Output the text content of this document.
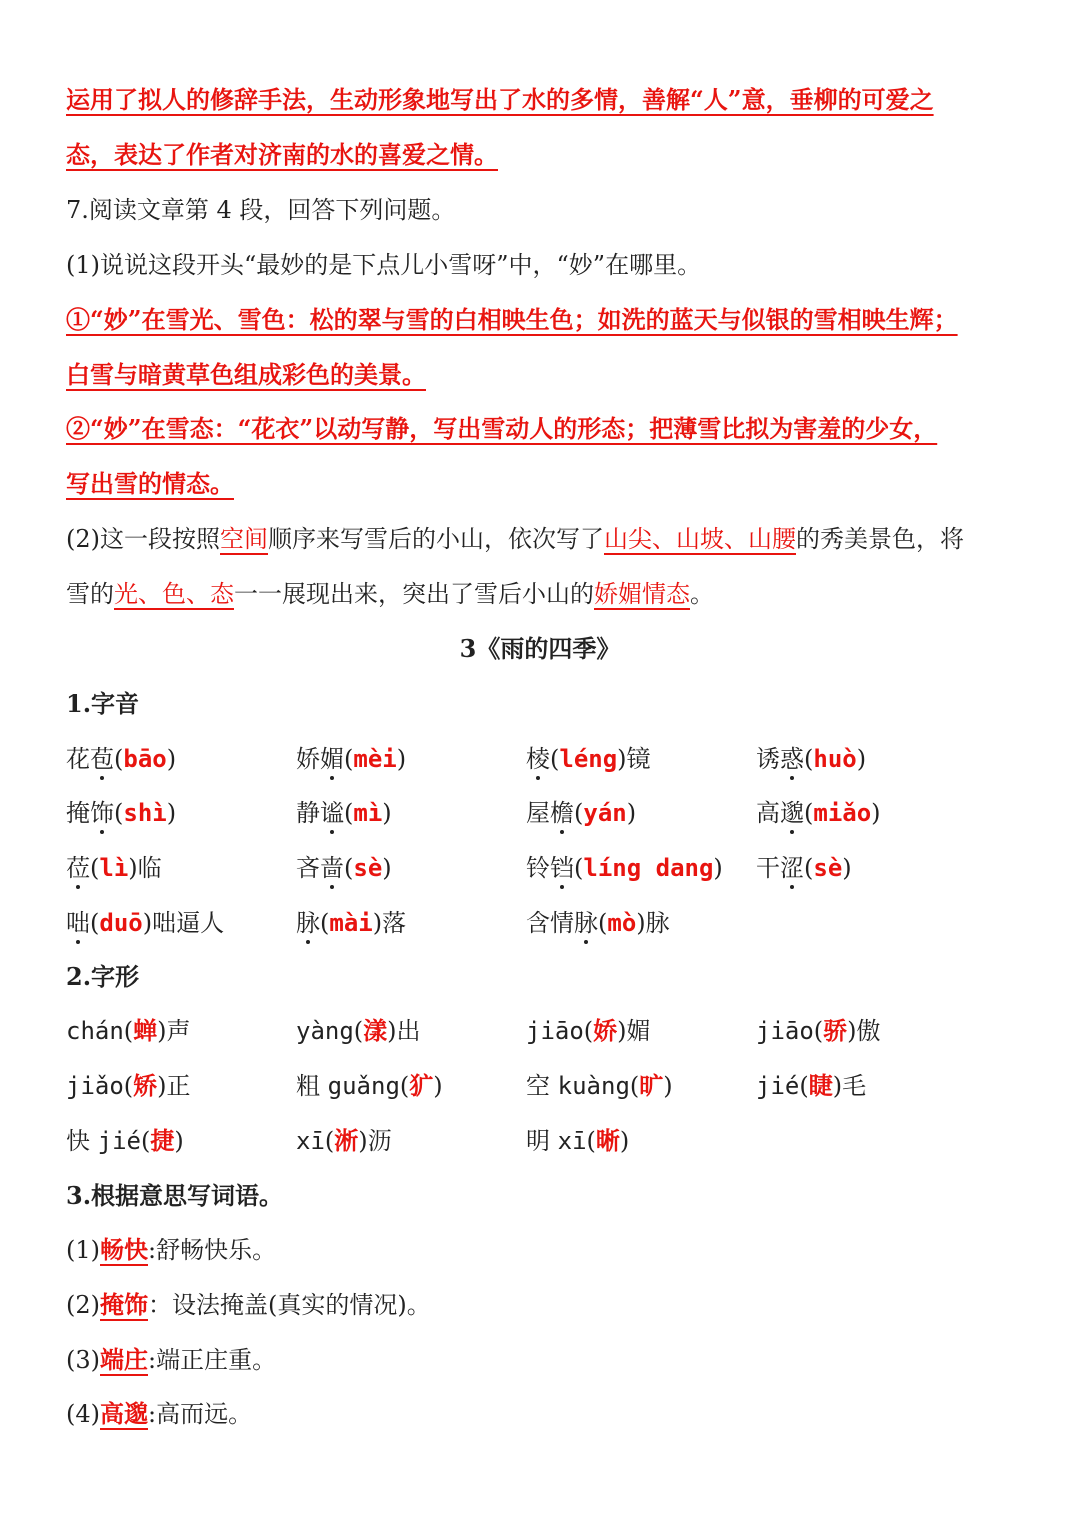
运用了拟人的修辞手法，生动形象地写出了水的多情，善解“人”意，垂柳的可爱之
态，表达了作者对济南的水的喜爱之情。
7.阅读文章第 4 段，回答下列问题。
(1)说说这段开头“最妙的是下点儿小雪呀”中，“妙”在哪里。
①“妙”在雪光、雪色：松的翠与雪的白相映生色；如洗的蓝天与似银的雪相映生辉；
白雪与暗黄草色组成彩色的美景。
②“妙”在雪态：“花衣”以动写静，写出雪动人的形态；把薄雪比拟为害羞的少女，
写出雪的情态。
(2)这一段按照空间顺序来写雪后的小山，依次写了山尖、山坡、山腰的秀美景色，将
雪的光、色、态一一展现出来，突出了雪后小山的娇媚情态。
3《雨的四季》
1.字音
花苞(bāo)	娇媚(mèi)	棱(léng)镜	诱惑(huò)
掩饰(shì)	静谧(mì)	屋檐(yán)	高邈(miǎo)
莅(lì)临	吝啬(sè)	铃铛(líng dang) 干涩(sè)
咄(duō)咄逼人	脉(mài)落	含情脉(mò)脉
2.字形
chán(蝉)声	yàng(漾)出	jiāo(娇)媚	jiāo(骄)傲
jiǎo(矫)正	粗 guǎng(犷)	空 kuàng(旷)	jié(睫)毛
快 jié(捷)	xī(淅)沥	明 xī(晰)
3.根据意思写词语。
(1)畅快:舒畅快乐。
(2)掩饰：设法掩盖(真实的情况)。
(3)端庄:端正庄重。
(4)高邈:高而远。
